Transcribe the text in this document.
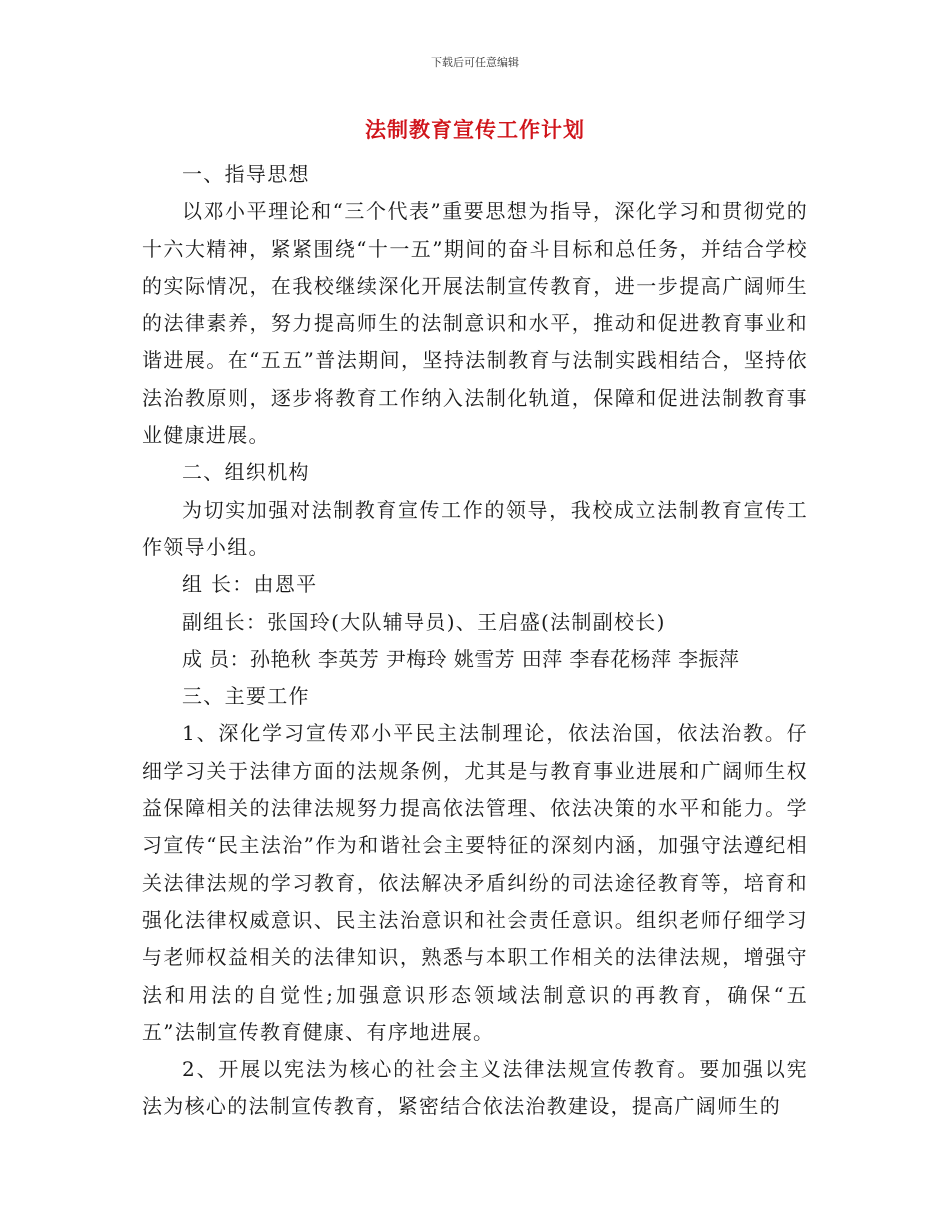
下载后可任意编辑
法制教育宣传工作计划

一、指导思想

以邓小平理论和“三个代表”重要思想为指导，深化学习和贯彻党的十六大精神，紧紧围绕“十一五”期间的奋斗目标和总任务，并结合学校的实际情况，在我校继续深化开展法制宣传教育，进一步提高广阔师生的法律素养，努力提高师生的法制意识和水平，推动和促进教育事业和谐进展。在“五五”普法期间，坚持法制教育与法制实践相结合，坚持依法治教原则，逐步将教育工作纳入法制化轨道，保障和促进法制教育事业健康进展。

二、组织机构

为切实加强对法制教育宣传工作的领导，我校成立法制教育宣传工作领导小组。

组 长：由恩平

副组长：张国玲(大队辅导员)、王启盛(法制副校长)

成 员：孙艳秋 李英芳 尹梅玲 姚雪芳 田萍 李春花杨萍 李振萍

三、主要工作

1、深化学习宣传邓小平民主法制理论，依法治国，依法治教。仔细学习关于法律方面的法规条例，尤其是与教育事业进展和广阔师生权益保障相关的法律法规努力提高依法管理、依法决策的水平和能力。学习宣传“民主法治”作为和谐社会主要特征的深刻内涵，加强守法遵纪相关法律法规的学习教育，依法解决矛盾纠纷的司法途径教育等，培育和强化法律权威意识、民主法治意识和社会责任意识。组织老师仔细学习与老师权益相关的法律知识，熟悉与本职工作相关的法律法规，增强守法和用法的自觉性;加强意识形态领域法制意识的再教育，确保“五五”法制宣传教育健康、有序地进展。

2、开展以宪法为核心的社会主义法律法规宣传教育。要加强以宪法为核心的法制宣传教育，紧密结合依法治教建设，提高广阔师生的
